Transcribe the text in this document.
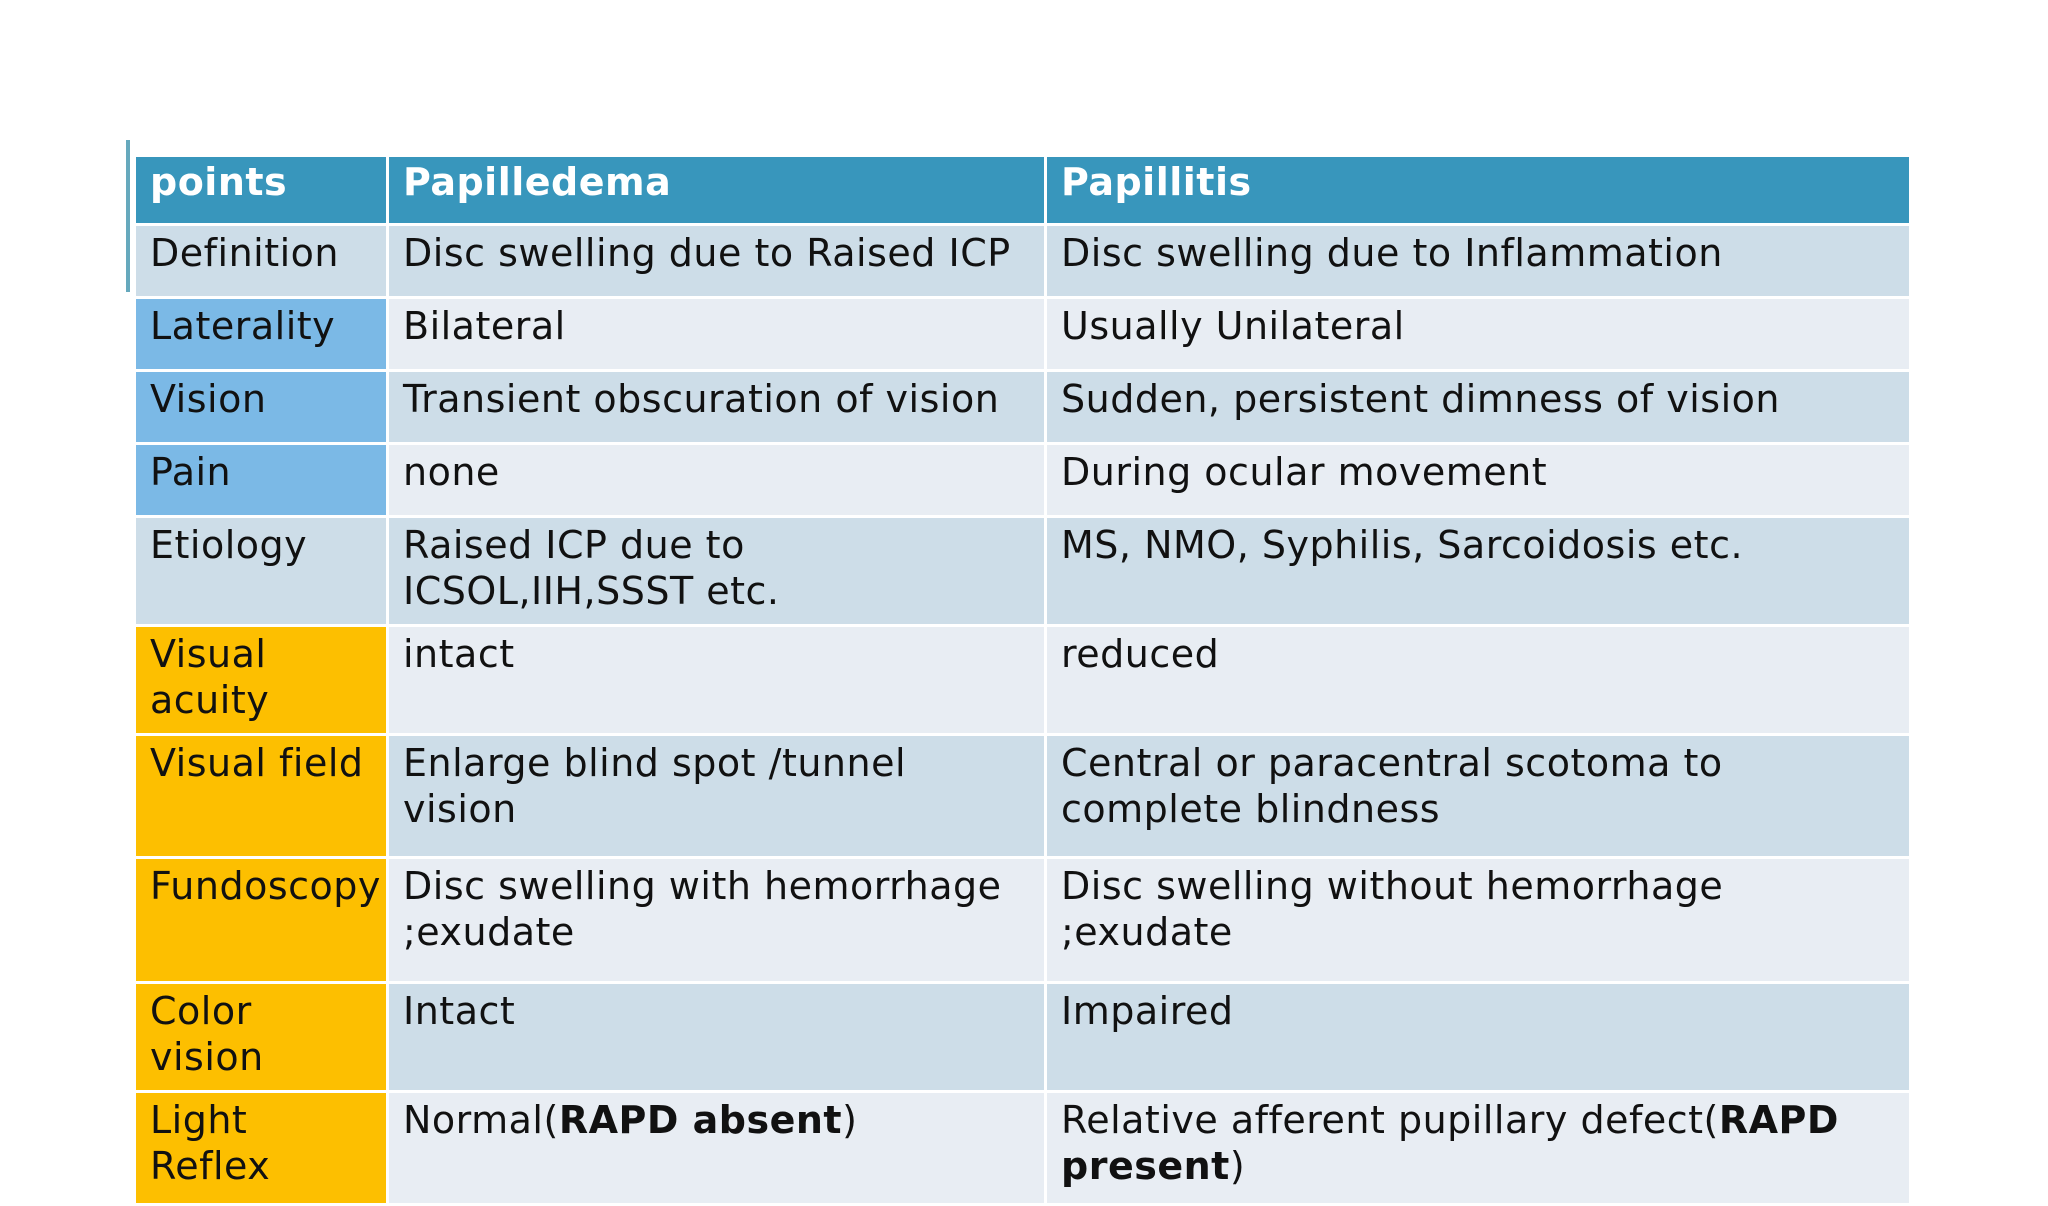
points	Papilledema	Papillitis
Definition	Disc swelling due to Raised ICP	Disc swelling due to Inflammation
Laterality	Bilateral	Usually Unilateral
Vision	Transient obscuration of vision	Sudden, persistent dimness of vision
Pain	none	During ocular movement
Etiology	Raised ICP due to ICSOL,IIH,SSST etc.	MS, NMO, Syphilis, Sarcoidosis etc.
Visual acuity	intact	reduced
Visual field	Enlarge blind spot /tunnel vision	Central or paracentral scotoma to complete blindness
Fundoscopy	Disc swelling with hemorrhage ;exudate	Disc swelling without hemorrhage ;exudate
Color vision	Intact	Impaired
Light Reflex	Normal(RAPD absent)	Relative afferent pupillary defect(RAPD present)
